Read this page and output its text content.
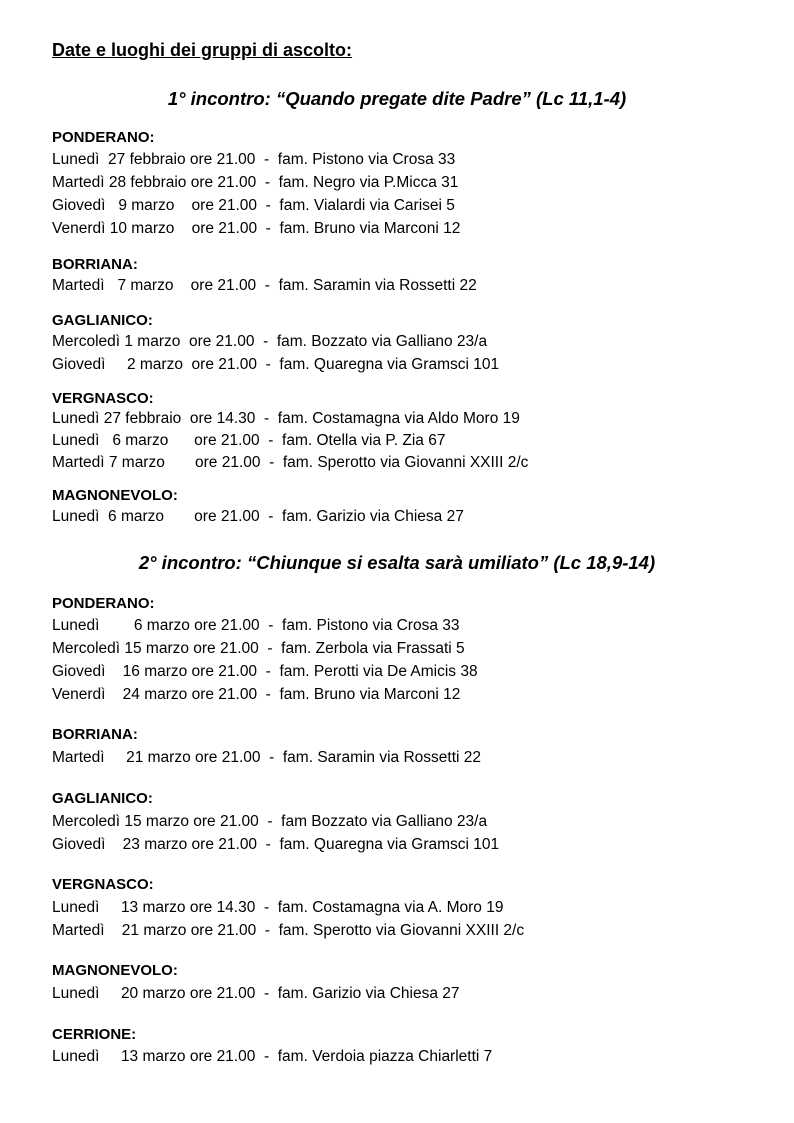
Date e luoghi dei gruppi di ascolto:
1° incontro: “Quando pregate dite Padre” (Lc 11,1-4)
PONDERANO:
Lunedì  27 febbraio ore 21.00  -  fam. Pistono via Crosa 33
Martedì 28 febbraio ore 21.00  -  fam. Negro via P.Micca 31
Giovedì   9 marzo    ore 21.00  -  fam. Vialardi via Carisei 5
Venerdì 10 marzo    ore 21.00  -  fam. Bruno via Marconi 12
BORRIANA:
Martedì   7 marzo    ore 21.00  -  fam. Saramin via Rossetti 22
GAGLIANICO:
Mercoledì 1 marzo  ore 21.00  -  fam. Bozzato via Galliano 23/a
Giovedì     2 marzo  ore 21.00  -  fam. Quaregna via Gramsci 101
VERGNASCO:
Lunedì 27 febbraio  ore 14.30  -  fam. Costamagna via Aldo Moro 19
Lunedì   6 marzo      ore 21.00  -  fam. Otella via P. Zia 67
Martedì 7 marzo       ore 21.00  -  fam. Sperotto via Giovanni XXIII 2/c
MAGNONEVOLO:
Lunedì  6 marzo       ore 21.00  -  fam. Garizio via Chiesa 27
2° incontro: “Chiunque si esalta sarà umiliato” (Lc 18,9-14)
PONDERANO:
Lunedì        6 marzo ore 21.00  -  fam. Pistono via Crosa 33
Mercoledì 15 marzo ore 21.00  -  fam. Zerbola via Frassati 5
Giovedì    16 marzo ore 21.00  -  fam. Perotti via De Amicis 38
Venerdì    24 marzo ore 21.00  -  fam. Bruno via Marconi 12
BORRIANA:
Martedì     21 marzo ore 21.00  -  fam. Saramin via Rossetti 22
GAGLIANICO:
Mercoledì 15 marzo ore 21.00  -  fam Bozzato via Galliano 23/a
Giovedì    23 marzo ore 21.00  -  fam. Quaregna via Gramsci 101
VERGNASCO:
Lunedì     13 marzo ore 14.30  -  fam. Costamagna via A. Moro 19
Martedì    21 marzo ore 21.00  -  fam. Sperotto via Giovanni XXIII 2/c
MAGNONEVOLO:
Lunedì     20 marzo ore 21.00  -  fam. Garizio via Chiesa 27
CERRIONE:
Lunedì     13 marzo ore 21.00  -  fam. Verdoia piazza Chiarletti 7
